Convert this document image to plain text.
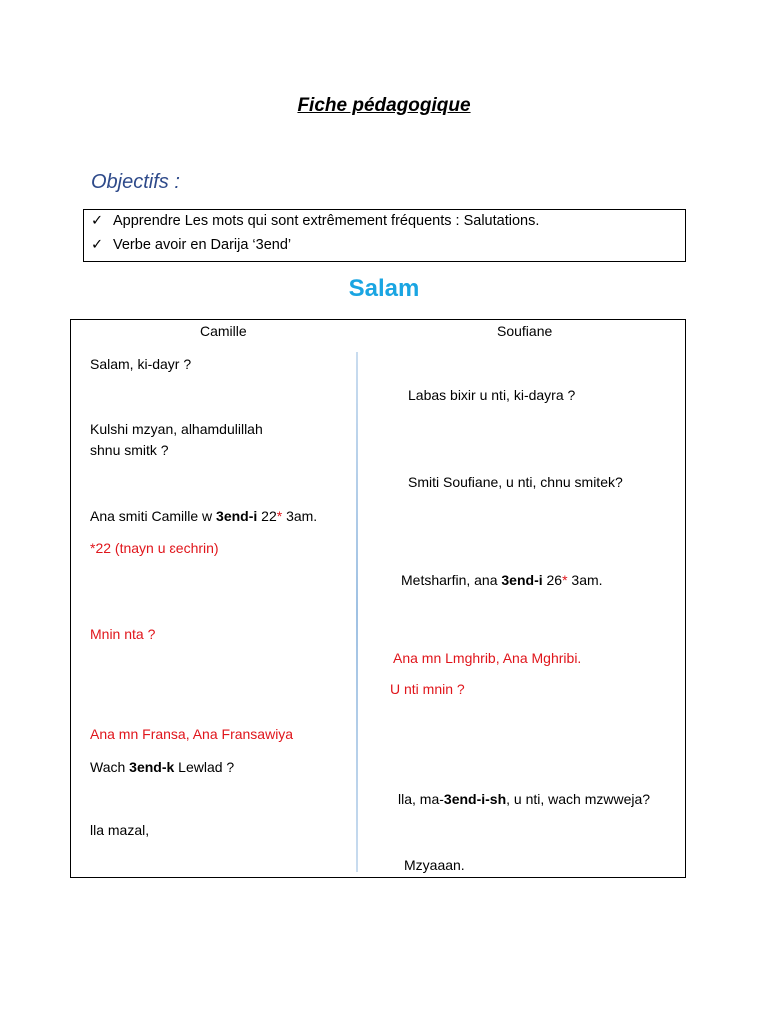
Fiche pédagogique
Objectifs :
✓ Apprendre Les mots qui sont extrêmement fréquents : Salutations.
✓ Verbe avoir en Darija ‘3end’
Salam
Camille	Soufiane
Salam, ki-dayr ?
Kulshi mzyan, alhamdulillah
shnu smitk ?
Ana smiti Camille w 3end-i 22* 3am.
*22 (tnayn u ɛechrin)
Mnin nta ?
Ana mn Fransa, Ana Fransawiya
Wach 3end-k Lewlad ?
lla mazal,
Labas bixir u nti, ki-dayra ?
Smiti Soufiane, u nti, chnu smitek?
Metsharfin, ana 3end-i 26* 3am.
Ana mn Lmghrib, Ana Mghribi.
U nti mnin ?
lla, ma-3end-i-sh, u nti, wach mzwweja?
Mzyaaan.
